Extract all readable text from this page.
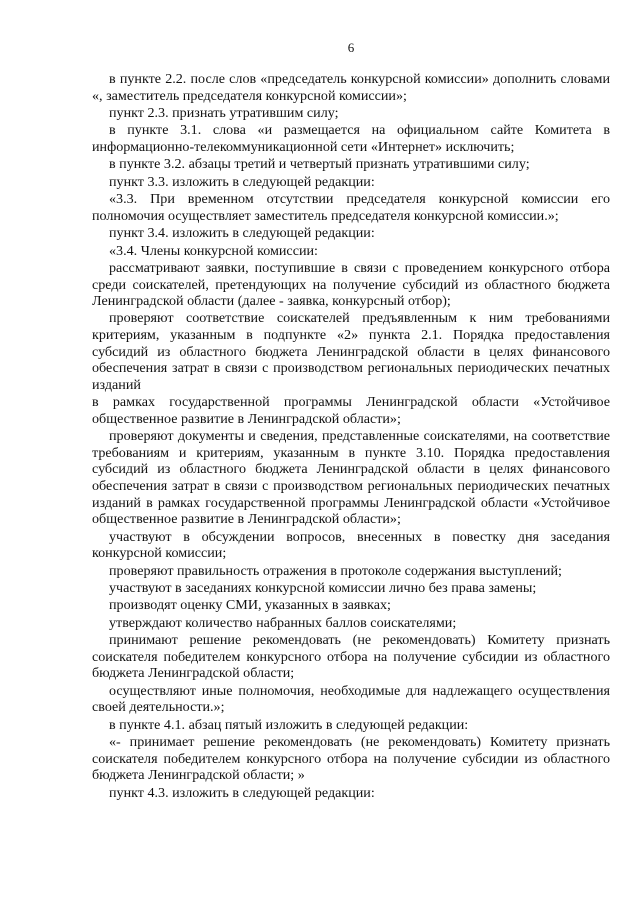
6

в пункте 2.2. после слов «председатель конкурсной комиссии» дополнить словами «, заместитель председателя конкурсной комиссии»;

пункт 2.3. признать утратившим силу;

в пункте 3.1. слова «и размещается на официальном сайте Комитета в информационно-телекоммуникационной сети «Интернет» исключить;

в пункте 3.2. абзацы третий и четвертый признать утратившими силу;

пункт 3.3. изложить в следующей редакции:

«3.3. При временном отсутствии председателя конкурсной комиссии его полномочия осуществляет заместитель председателя конкурсной комиссии.»;

пункт 3.4. изложить в следующей редакции:

«3.4. Члены конкурсной комиссии:

рассматривают заявки, поступившие в связи с проведением конкурсного отбора среди соискателей, претендующих на получение субсидий из областного бюджета Ленинградской области (далее - заявка, конкурсный отбор);

проверяют соответствие соискателей предъявленным к ним требованиями критериям, указанным в подпункте «2» пункта 2.1. Порядка предоставления субсидий из областного бюджета Ленинградской области в целях финансового обеспечения затрат в связи с производством региональных периодических печатных изданий

в рамках государственной программы Ленинградской области «Устойчивое общественное развитие в Ленинградской области»;

проверяют документы и сведения, представленные соискателями, на соответствие требованиям и критериям, указанным в пункте 3.10. Порядка предоставления субсидий из областного бюджета Ленинградской области в целях финансового обеспечения затрат в связи с производством региональных периодических печатных изданий в рамках государственной программы Ленинградской области «Устойчивое общественное развитие в Ленинградской области»;

участвуют в обсуждении вопросов, внесенных в повестку дня заседания конкурсной комиссии;

проверяют правильность отражения в протоколе содержания выступлений;

участвуют в заседаниях конкурсной комиссии лично без права замены;

производят оценку СМИ, указанных в заявках;

утверждают количество набранных баллов соискателями;

принимают решение рекомендовать (не рекомендовать) Комитету признать соискателя победителем конкурсного отбора на получение субсидии из областного бюджета Ленинградской области;

осуществляют иные полномочия, необходимые для надлежащего осуществления своей деятельности.»;

в пункте 4.1. абзац пятый изложить в следующей редакции:

«- принимает решение рекомендовать (не рекомендовать) Комитету признать соискателя победителем конкурсного отбора на получение субсидии из областного бюджета Ленинградской области; »

пункт 4.3. изложить в следующей редакции:
